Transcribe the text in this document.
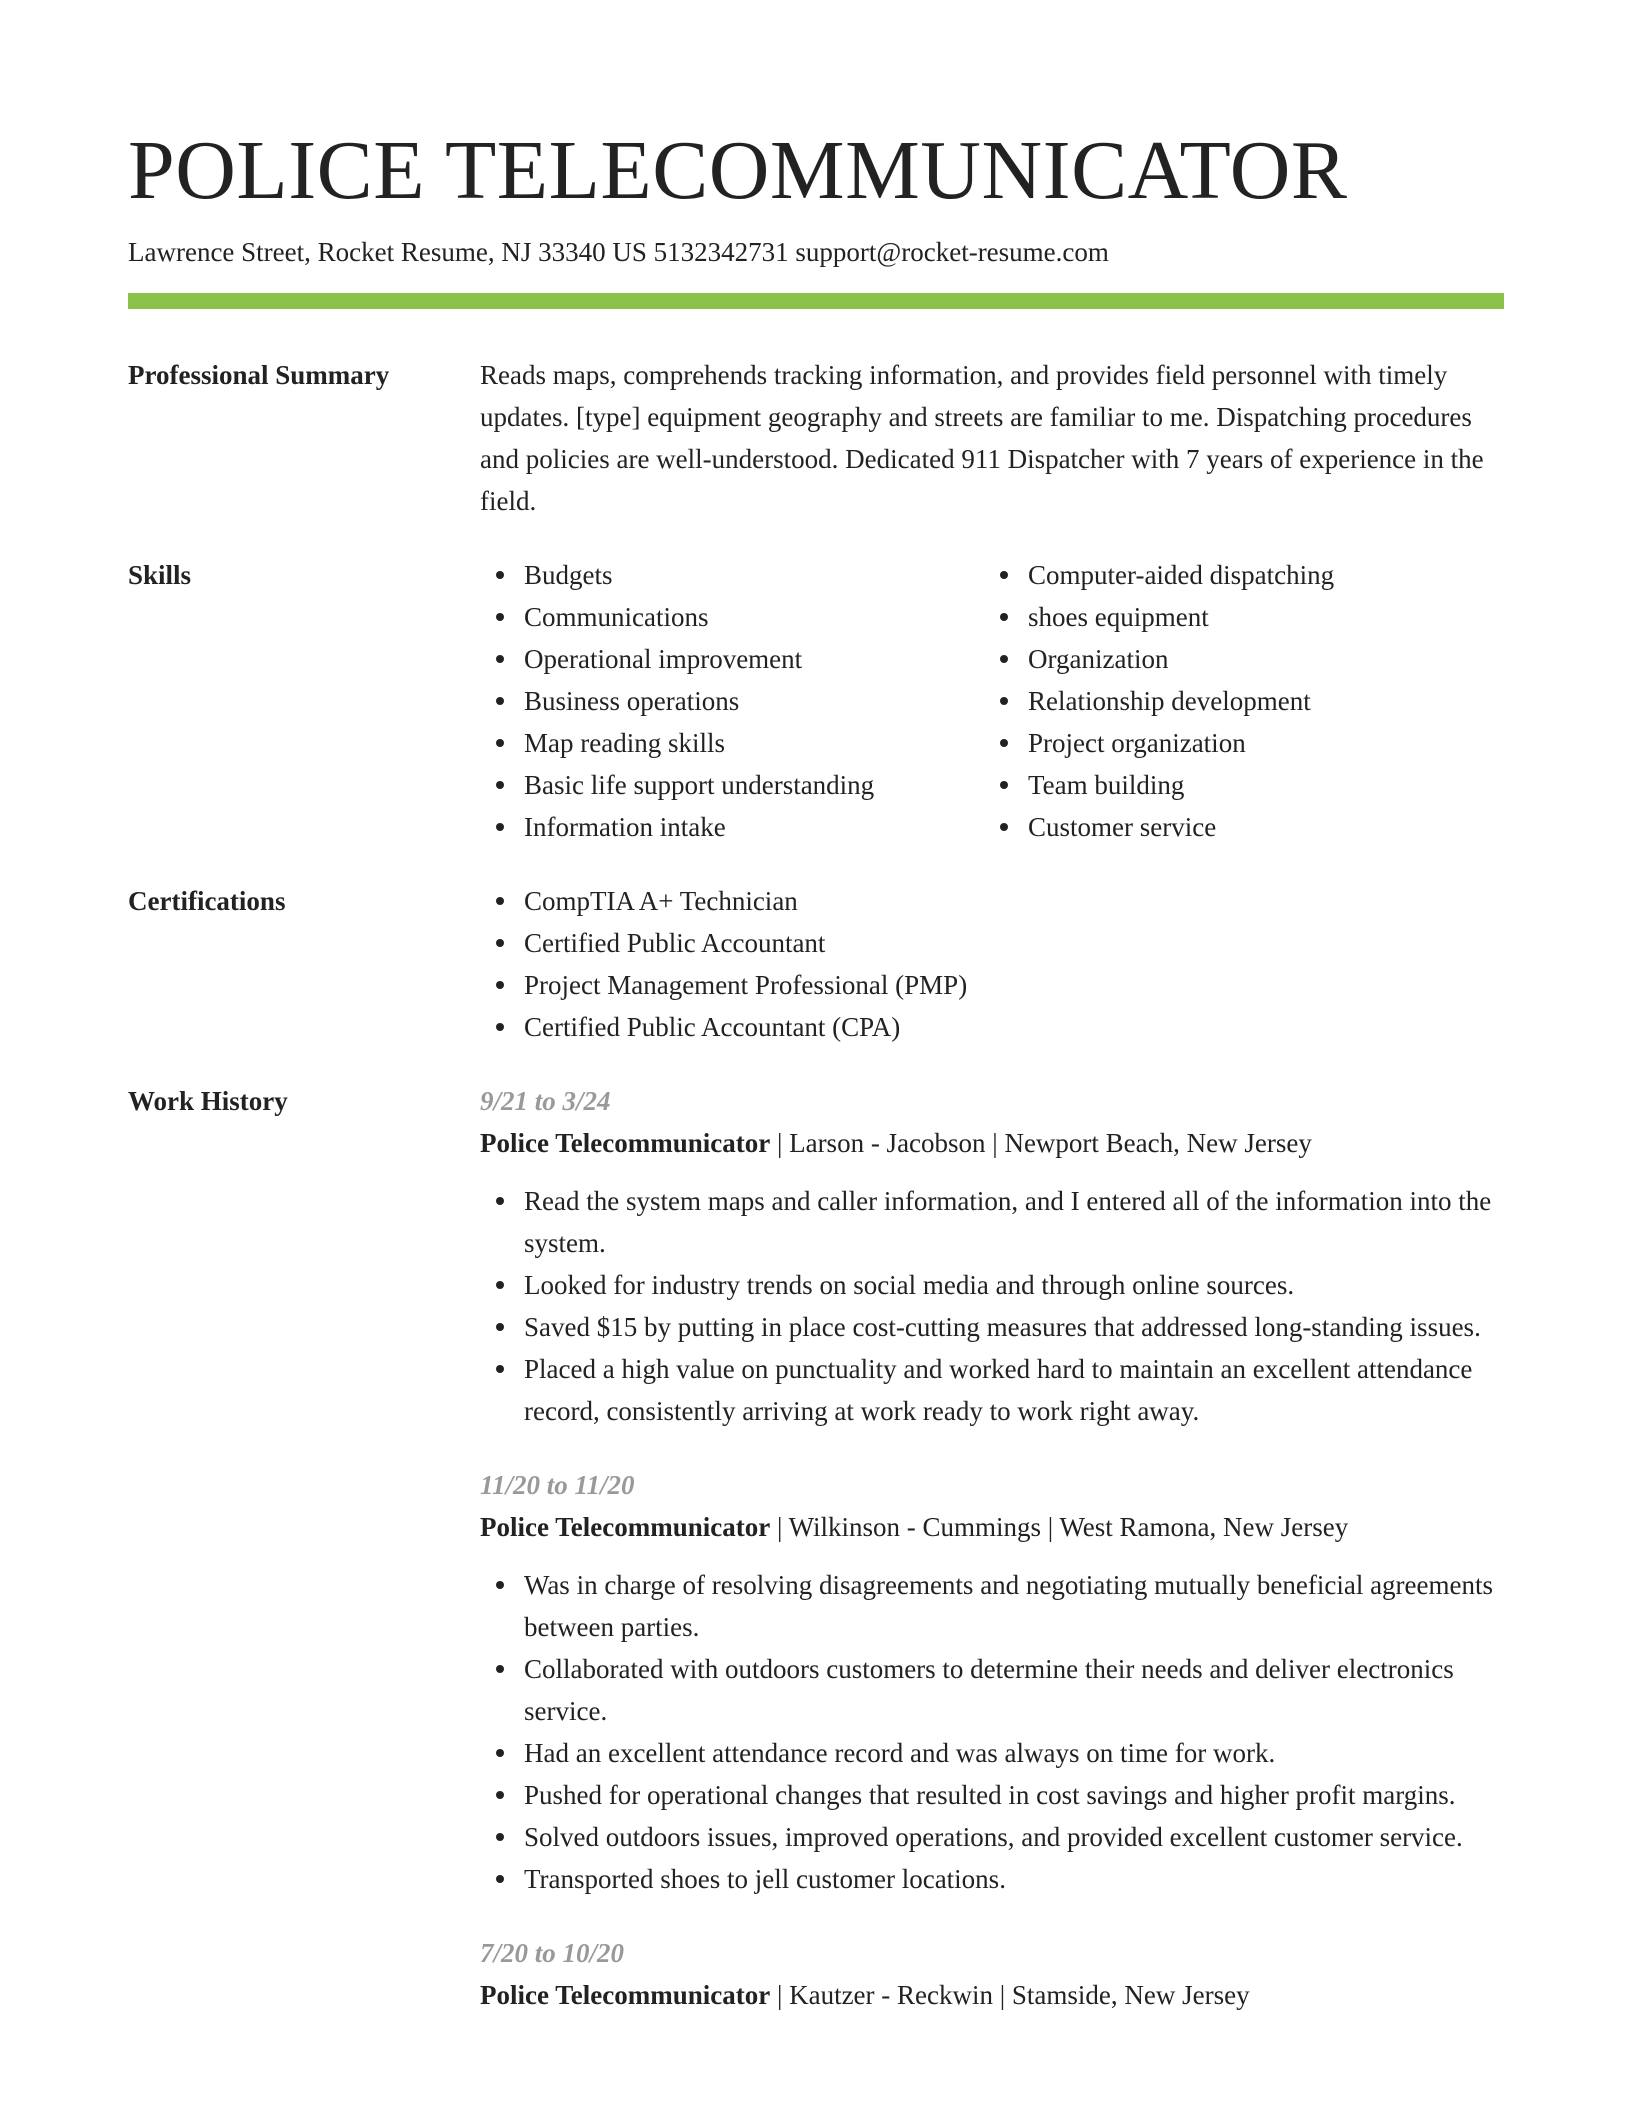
POLICE TELECOMMUNICATOR
Lawrence Street, Rocket Resume, NJ 33340 US 5132342731 support@rocket-resume.com
Professional Summary	Reads maps, comprehends tracking information, and provides field personnel with timely updates. [type] equipment geography and streets are familiar to me. Dispatching procedures and policies are well-understood. Dedicated 911 Dispatcher with 7 years of experience in the field.
Skills	Budgets
Communications
Operational improvement
Business operations
Map reading skills
Basic life support understanding
Information intake
Computer-aided dispatching
shoes equipment
Organization
Relationship development
Project organization
Team building
Customer service
Certifications	CompTIA A+ Technician
Certified Public Accountant
Project Management Professional (PMP)
Certified Public Accountant (CPA)
Work History	9/21 to 3/24
Police Telecommunicator | Larson - Jacobson | Newport Beach, New Jersey
Read the system maps and caller information, and I entered all of the information into the system.
Looked for industry trends on social media and through online sources.
Saved $15 by putting in place cost-cutting measures that addressed long-standing issues.
Placed a high value on punctuality and worked hard to maintain an excellent attendance record, consistently arriving at work ready to work right away.
11/20 to 11/20
Police Telecommunicator | Wilkinson - Cummings | West Ramona, New Jersey
Was in charge of resolving disagreements and negotiating mutually beneficial agreements between parties.
Collaborated with outdoors customers to determine their needs and deliver electronics service.
Had an excellent attendance record and was always on time for work.
Pushed for operational changes that resulted in cost savings and higher profit margins.
Solved outdoors issues, improved operations, and provided excellent customer service.
Transported shoes to jell customer locations.
7/20 to 10/20
Police Telecommunicator | Kautzer - Reckwin | Stamside, New Jersey
